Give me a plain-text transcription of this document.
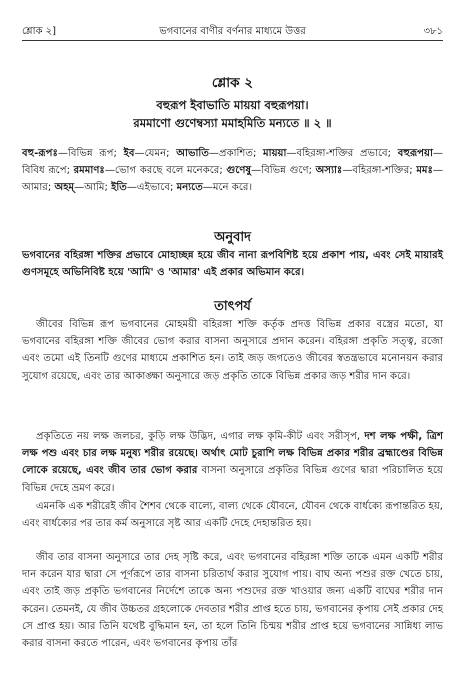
শ্লোক ২]	ভগবানের বাণীর বর্ণনার মাধ্যমে উত্তর	৩৮১
শ্লোক ২
বহুরূপ ইবাভাতি মায়য়া বহুরূপয়া।
রমমাণো গুণেম্বস্যা মমাহমিতি মন্যতে ॥ ২ ॥
বহু-রূপঃ—বিভিন্ন রূপ; ইব—যেমন; আভাতি—প্রকাশিত; মায়য়া—বহিরঙ্গা-শক্তির প্রভাবে; বহুরূপয়া—বিবিধ রূপে; রমমাণঃ—ভোগ করছে বলে মনেকরে; গুণেষু—বিভিন্ন গুণে; অস্যাঃ—বহিরঙ্গা-শক্তির; মমঃ—আমার; অহম্—আমি; ইতি—এইভাবে; মন্যতে—মনে করে।
অনুবাদ
ভগবানের বহিরঙ্গা শক্তির প্রভাবে মোহাচ্ছন্ন হয়ে জীব নানা রূপবিশিষ্ট হয়ে প্রকাশ পায়, এবং সেই মায়ারই গুণসমূহে অভিনিবিষ্ট হয়ে 'আমি' ও 'আমার' এই প্রকার অভিমান করে।
তাৎপর্য
জীবের বিভিন্ন রূপ ভগবানের মোহময়ী বহিরঙ্গা শক্তি কর্তৃক প্রদত্ত বিভিন্ন প্রকার বস্ত্রের মতো, যা ভগবানের বহিরঙ্গা শক্তি জীবের ভোগ করার বাসনা অনুসারে প্রদান করেন। বহিরঙ্গা প্রকৃতি সত্ত্ব, রজো এবং তমো এই তিনটি গুণের মাধ্যমে প্রকাশিত হন। তাই জড় জগতেও জীবের স্বতন্ত্রভাবে মনোনয়ন করার সুযোগ রয়েছে, এবং তার আকাঙ্ক্ষা অনুসারে জড় প্রকৃতি তাকে বিভিন্ন প্রকার জড় শরীর দান করে।
প্রকৃতিতে নয় লক্ষ জলচর, কুড়ি লক্ষ উদ্ভিদ, এগার লক্ষ কৃমি-কীট এবং সরীসৃপ, দশ লক্ষ পক্ষী, ত্রিশ লক্ষ পশু এবং চার লক্ষ মনুষ্য শরীর রয়েছে। অর্থাৎ মোট চুরাশি লক্ষ বিভিন্ন প্রকার শরীর ব্রহ্মাণ্ডের বিভিন্ন লোকে রয়েছে, এবং জীব তার ভোগ করার বাসনা অনুসারে প্রকৃতির বিভিন্ন গুণের দ্বারা পরিচালিত হয়ে বিভিন্ন দেহে ভ্রমণ করে।
এমনকি এক শরীরেই জীব শৈশব থেকে বাল্যে, বাল্য থেকে যৌবনে, যৌবন থেকে বার্ধক্যে রূপান্তরিত হয়, এবং বার্ধক্যের পর তার কর্ম অনুসারে সৃষ্ট আর একটি দেহে দেহান্তরিত হয়।
জীব তার বাসনা অনুসারে তার দেহ সৃষ্টি করে, এবং ভগবানের বহিরঙ্গা শক্তি তাকে এমন একটি শরীর দান করেন যার দ্বারা সে পূর্ণরূপে তার বাসনা চরিতার্থ করার সুযোগ পায়। বাঘ অন্য পশুর রক্ত খেতে চায়, এবং তাই জড় প্রকৃতি ভগবানের নির্দেশে তাকে অন্য পশুদের রক্ত খাওয়ার জন্য একটি বাঘের শরীর দান করেন। তেমনই, যে জীব উচ্চতর গ্রহলোকে দেবতার শরীর প্রাপ্ত হতে চায়, ভগবানের কৃপায় সেই প্রকার দেহ সে প্রাপ্ত হয়। আর তিনি যথেষ্ট বুদ্ধিমান হন, তা হলে তিনি চিন্ময় শরীর প্রাপ্ত হয়ে ভগবানের সান্নিধ্য লাভ করার বাসনা করতে পারেন, এবং ভগবানের কৃপায় তাঁর
